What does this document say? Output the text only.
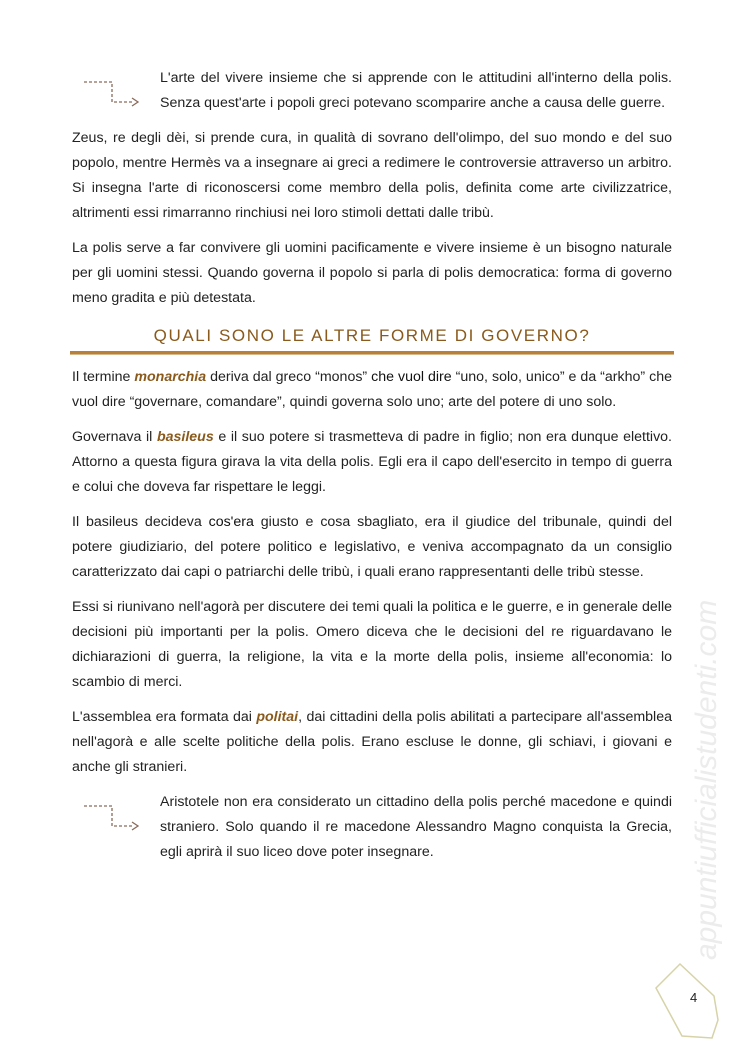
appuntiufficialistudenti.com
L'arte del vivere insieme che si apprende con le attitudini all'interno della polis. Senza quest'arte i popoli greci potevano scomparire anche a causa delle guerre.
Zeus, re degli dèi, si prende cura, in qualità di sovrano dell'olimpo, del suo mondo e del suo popolo, mentre Hermès va a insegnare ai greci a redimere le controversie attraverso un arbitro. Si insegna l'arte di riconoscersi come membro della polis, definita come arte civilizzatrice, altrimenti essi rimarranno rinchiusi nei loro stimoli dettati dalle tribù.
La polis serve a far convivere gli uomini pacificamente e vivere insieme è un bisogno naturale per gli uomini stessi. Quando governa il popolo si parla di polis democratica: forma di governo meno gradita e più detestata.
QUALI SONO LE ALTRE FORME DI GOVERNO?
Il termine monarchia deriva dal greco “monos” che vuol dire “uno, solo, unico” e da “arkho” che vuol dire “governare, comandare”, quindi governa solo uno; arte del potere di uno solo.
Governava il basileus e il suo potere si trasmetteva di padre in figlio; non era dunque elettivo. Attorno a questa figura girava la vita della polis. Egli era il capo dell'esercito in tempo di guerra e colui che doveva far rispettare le leggi.
Il basileus decideva cos'era giusto e cosa sbagliato, era il giudice del tribunale, quindi del potere giudiziario, del potere politico e legislativo, e veniva accompagnato da un consiglio caratterizzato dai capi o patriarchi delle tribù, i quali erano rappresentanti delle tribù stesse.
Essi si riunivano nell'agorà per discutere dei temi quali la politica e le guerre, e in generale delle decisioni più importanti per la polis. Omero diceva che le decisioni del re riguardavano le dichiarazioni di guerra, la religione, la vita e la morte della polis, insieme all'economia: lo scambio di merci.
L'assemblea era formata dai politai, dai cittadini della polis abilitati a partecipare all'assemblea nell'agorà e alle scelte politiche della polis. Erano escluse le donne, gli schiavi, i giovani e anche gli stranieri.
Aristotele non era considerato un cittadino della polis perché macedone e quindi straniero. Solo quando il re macedone Alessandro Magno conquista la Grecia, egli aprirà il suo liceo dove poter insegnare.
4
